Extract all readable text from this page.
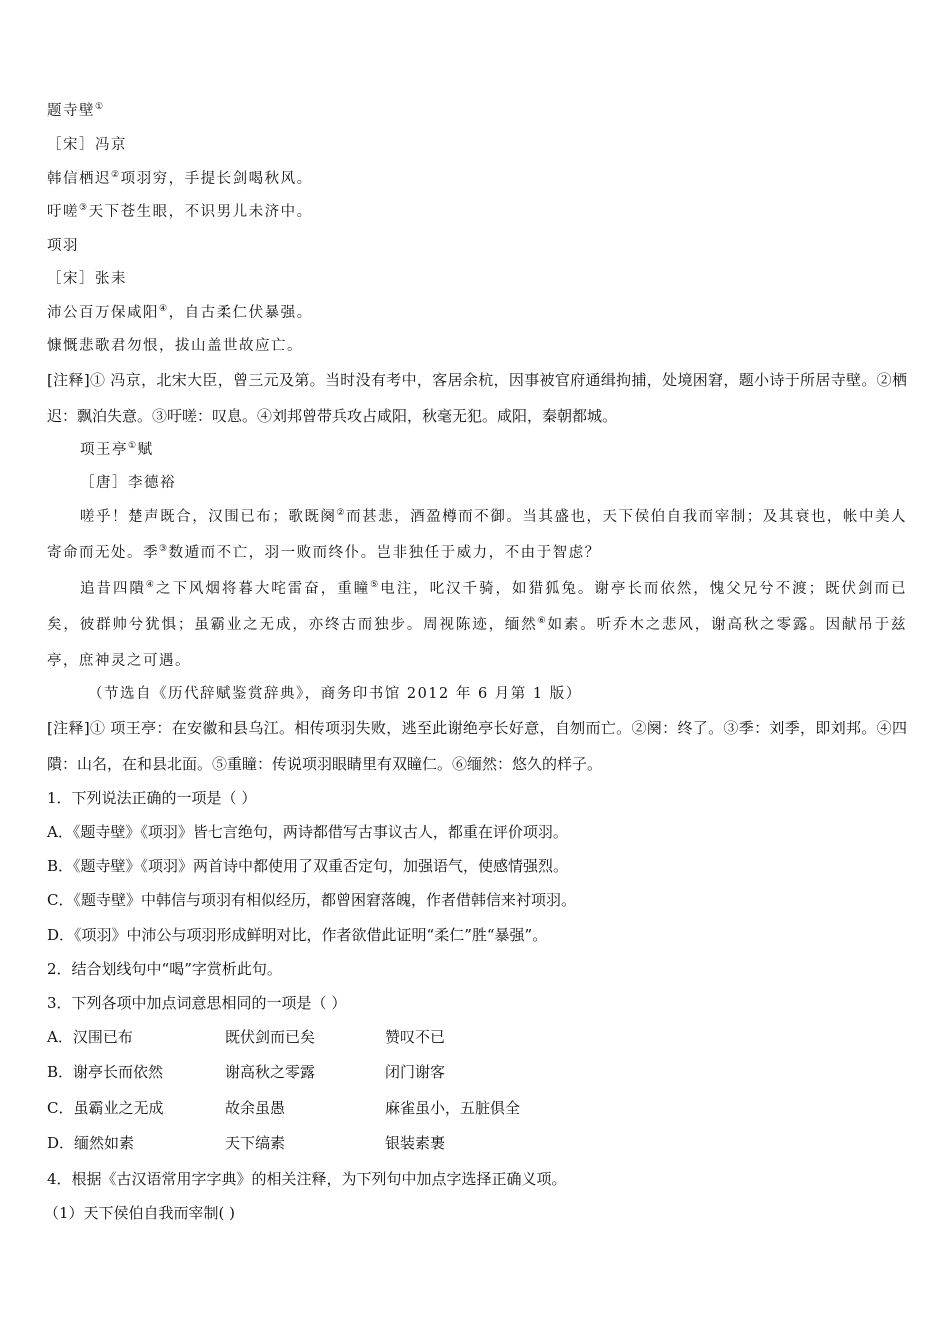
题寺壁①
［宋］冯京
韩信栖迟②项羽穷，手提长剑喝秋风。
吁嗟③天下苍生眼，不识男儿未济中。
项羽
［宋］张耒
沛公百万保咸阳④，自古柔仁伏暴强。
慷慨悲歌君勿恨，拔山盖世故应亡。
[注释]① 冯京，北宋大臣，曾三元及第。当时没有考中，客居余杭，因事被官府通缉拘捕，处境困窘，题小诗于所居寺壁。②栖迟：飘泊失意。③吁嗟：叹息。④刘邦曾带兵攻占咸阳，秋毫无犯。咸阳，秦朝都城。
项王亭①赋
［唐］李德裕
嗟乎！楚声既合，汉围已布；歌既阕②而甚悲，酒盈樽而不御。当其盛也，天下侯伯自我而宰制；及其衰也，帐中美人寄命而无处。季③数遁而不亡，羽一败而终仆。岂非独任于威力，不由于智虑？
追昔四隤④之下风烟将暮大咤雷奋，重瞳⑤电注，叱汉千骑，如猎狐兔。谢亭长而依然，愧父兄兮不渡；既伏剑而已矣，彼群帅兮犹惧；虽霸业之无成，亦终古而独步。周视陈迹，缅然⑥如素。听乔木之悲风，谢高秋之零露。因献吊于兹亭，庶神灵之可遇。
（节选自《历代辞赋鉴赏辞典》，商务印书馆 2012 年 6 月第 1 版）
[注释]① 项王亭：在安徽和县乌江。相传项羽失败，逃至此谢绝亭长好意，自刎而亡。②阕：终了。③季：刘季，即刘邦。④四隤：山名，在和县北面。⑤重瞳：传说项羽眼睛里有双瞳仁。⑥缅然：悠久的样子。
1．下列说法正确的一项是（ ）
A．《题寺壁》《项羽》皆七言绝句，两诗都借写古事议古人，都重在评价项羽。
B．《题寺壁》《项羽》两首诗中都使用了双重否定句，加强语气，使感情强烈。
C．《题寺壁》中韩信与项羽有相似经历，都曾困窘落魄，作者借韩信来衬项羽。
D．《项羽》中沛公与项羽形成鲜明对比，作者欲借此证明“柔仁”胜“暴强”。
2．结合划线句中“喝”字赏析此句。
3．下列各项中加点词意思相同的一项是（ ）
A．汉围已布	既伏剑而已矣	赞叹不已
B．谢亭长而依然	谢高秋之零露	闭门谢客
C．虽霸业之无成	故余虽愚	麻雀虽小，五脏俱全
D．缅然如素	天下缟素	银装素裹
4．根据《古汉语常用字字典》的相关注释，为下列句中加点字选择正确义项。
（1）天下侯伯自我而宰制( )
